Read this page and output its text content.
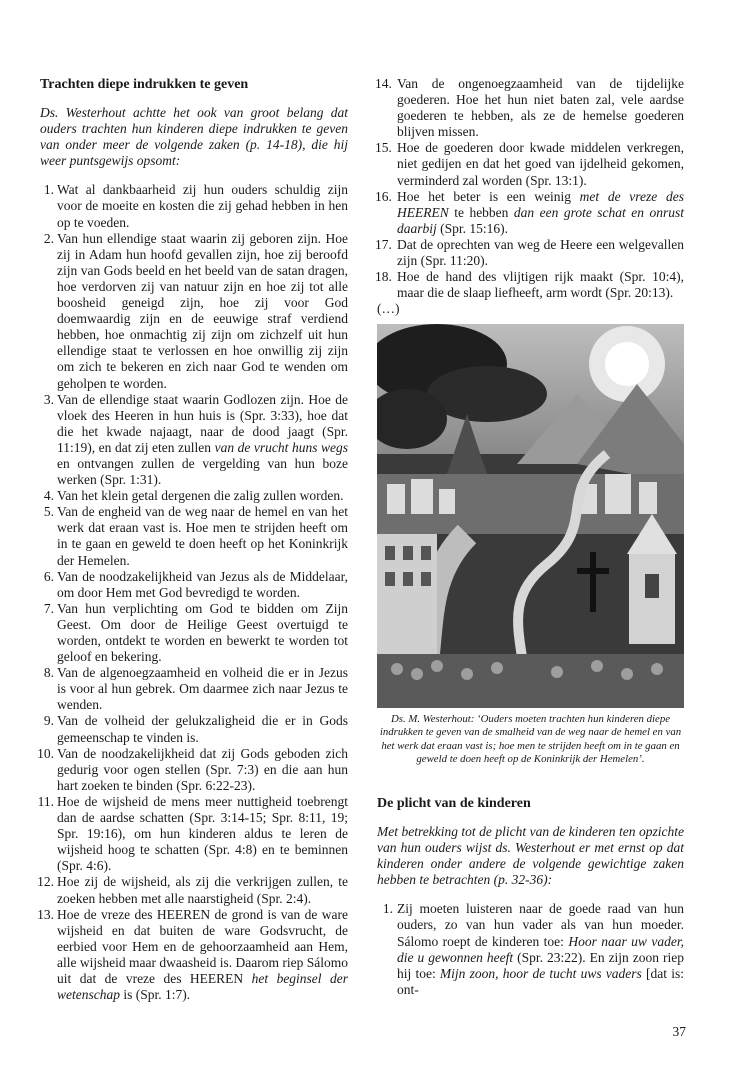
Trachten diepe indrukken te geven

Ds. Westerhout achtte het ook van groot belang dat ouders trachten hun kinderen diepe indrukken te geven van onder meer de volgende zaken (p. 14-18), die hij weer puntsgewijs opsomt:

1. Wat al dankbaarheid zij hun ouders schuldig zijn voor de moeite en kosten die zij gehad hebben in hen op te voeden.
2. Van hun ellendige staat waarin zij geboren zijn. Hoe zij in Adam hun hoofd gevallen zijn, hoe zij beroofd zijn van Gods beeld en het beeld van de satan dragen, hoe verdorven zij van natuur zijn en hoe zij tot alle boosheid geneigd zijn, hoe zij voor God doemwaardig zijn en de eeuwige straf verdiend hebben, hoe onmachtig zij zijn om zichzelf uit hun ellendige staat te verlossen en hoe onwillig zij zijn om zich te bekeren en zich naar God te wenden om geholpen te worden.
3. Van de ellendige staat waarin Godlozen zijn. Hoe de vloek des Heeren in hun huis is (Spr. 3:33), hoe dat die het kwade najaagt, naar de dood jaagt (Spr. 11:19), en dat zij eten zullen van de vrucht huns wegs en ontvangen zullen de vergelding van hun boze werken (Spr. 1:31).
4. Van het klein getal dergenen die zalig zullen worden.
5. Van de engheid van de weg naar de hemel en van het werk dat eraan vast is. Hoe men te strijden heeft om in te gaan en geweld te doen heeft op het Koninkrijk der Hemelen.
6. Van de noodzakelijkheid van Jezus als de Middelaar, om door Hem met God bevredigd te worden.
7. Van hun verplichting om God te bidden om Zijn Geest. Om door de Heilige Geest overtuigd te worden, ontdekt te worden en bewerkt te worden tot geloof en bekering.
8. Van de algenoegzaamheid en volheid die er in Jezus is voor al hun gebrek. Om daarmee zich naar Jezus te wenden.
9. Van de volheid der gelukzaligheid die er in Gods gemeenschap te vinden is.
10. Van de noodzakelijkheid dat zij Gods geboden zich gedurig voor ogen stellen (Spr. 7:3) en die aan hun hart zoeken te binden (Spr. 6:22-23).
11. Hoe de wijsheid de mens meer nuttigheid toebrengt dan de aardse schatten (Spr. 3:14-15; Spr. 8:11, 19; Spr. 19:16), om hun kinderen aldus te leren de wijsheid hoog te schatten (Spr. 4:8) en te beminnen (Spr. 4:6).
12. Hoe zij de wijsheid, als zij die verkrijgen zullen, te zoeken hebben met alle naarstigheid (Spr. 2:4).
13. Hoe de vreze des HEEREN de grond is van de ware wijsheid en dat buiten de ware Godsvrucht, de eerbied voor Hem en de gehoorzaamheid aan Hem, alle wijsheid maar dwaasheid is. Daarom riep Sálomo uit dat de vreze des HEEREN het beginsel der wetenschap is (Spr. 1:7).
14. Van de ongenoegzaamheid van de tijdelijke goederen. Hoe het hun niet baten zal, vele aardse goederen te hebben, als ze de hemelse goederen blijven missen.
15. Hoe de goederen door kwade middelen verkregen, niet gedijen en dat het goed van ijdelheid gekomen, verminderd zal worden (Spr. 13:1).
16. Hoe het beter is een weinig met de vreze des HEEREN te hebben dan een grote schat en onrust daarbij (Spr. 15:16).
17. Dat de oprechten van weg de Heere een welgevallen zijn (Spr. 11:20).
18. Hoe de hand des vlijtigen rijk maakt (Spr. 10:4), maar die de slaap liefheeft, arm wordt (Spr. 20:13).

(…)

Ds. M. Westerhout: ‘Ouders moeten trachten hun kinderen diepe indrukken te geven van de smalheid van de weg naar de hemel en van het werk dat eraan vast is; hoe men te strijden heeft om in te gaan en geweld te doen heeft op de Koninkrijk der Hemelen’.

De plicht van de kinderen

Met betrekking tot de plicht van de kinderen ten opzichte van hun ouders wijst ds. Westerhout er met ernst op dat kinderen onder andere de volgende gewichtige zaken hebben te betrachten (p. 32-36):

1. Zij moeten luisteren naar de goede raad van hun ouders, zo van hun vader als van hun moeder. Sálomo roept de kinderen toe: Hoor naar uw vader, die u gewonnen heeft (Spr. 23:22). En zijn zoon riep hij toe: Mijn zoon, hoor de tucht uws vaders [dat is: ont-
37
